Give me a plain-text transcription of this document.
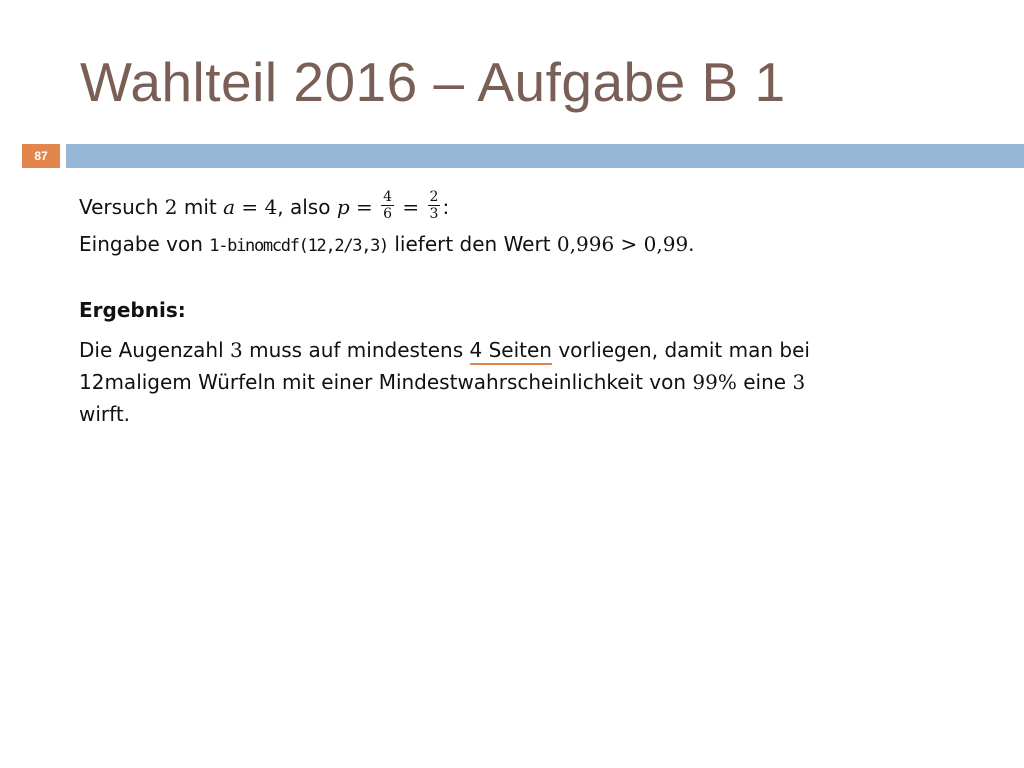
Wahlteil 2016 – Aufgabe B 1
87
Versuch 2 mit a = 4, also $p = \frac{4}{6} = \frac{2}{3}$ :
Eingabe von 1-binomcdf(12,2/3,3) liefert den Wert 0,996 > 0,99.
Ergebnis:
Die Augenzahl 3 muss auf mindestens 4 Seiten vorliegen, damit man bei
12maligem Würfeln mit einer Mindestwahrscheinlichkeit von 99% eine 3
wirft.
